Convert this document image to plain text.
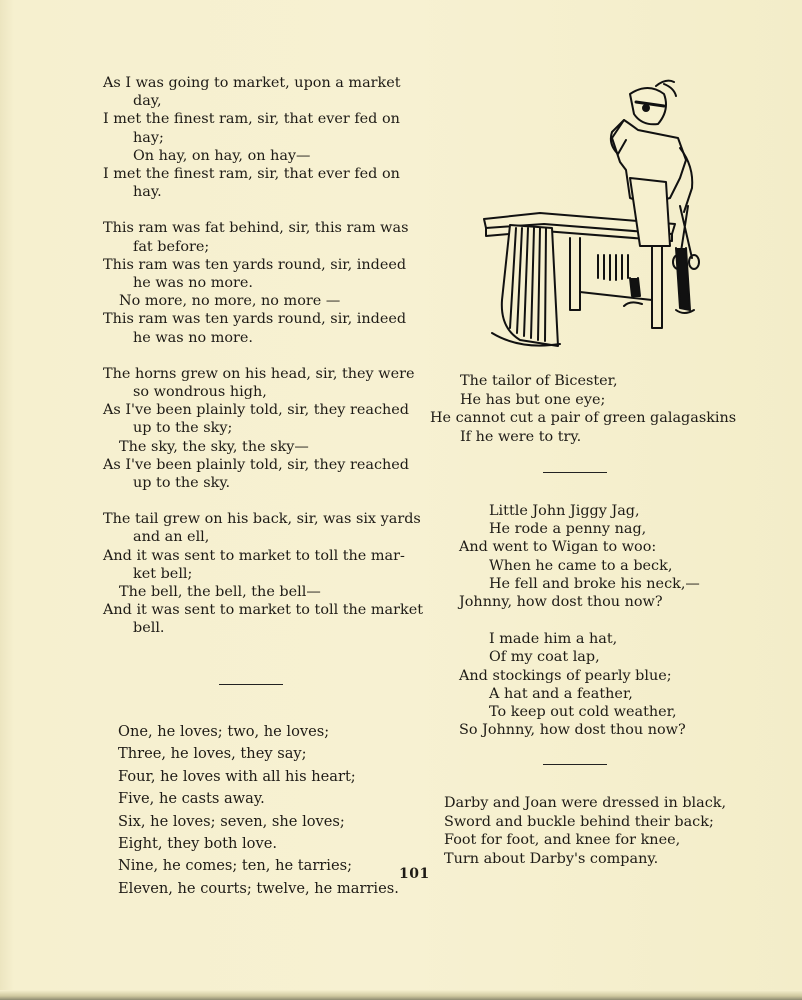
As I was going to market, upon a market
day,
I met the finest ram, sir, that ever fed on
hay;
On hay, on hay, on hay—
I met the finest ram, sir, that ever fed on
hay.
This ram was fat behind, sir, this ram was
fat before;
This ram was ten yards round, sir, indeed
he was no more.
No more, no more, no more —
This ram was ten yards round, sir, indeed
he was no more.
The horns grew on his head, sir, they were
so wondrous high,
As I've been plainly told, sir, they reached
up to the sky;
The sky, the sky, the sky—
As I've been plainly told, sir, they reached
up to the sky.
The tail grew on his back, sir, was six yards
and an ell,
And it was sent to market to toll the mar-
ket bell;
The bell, the bell, the bell—
And it was sent to market to toll the market
bell.
One, he loves; two, he loves;
Three, he loves, they say;
Four, he loves with all his heart;
Five, he casts away.
Six, he loves; seven, she loves;
Eight, they both love.
Nine, he comes; ten, he tarries;
Eleven, he courts; twelve, he marries.
The tailor of Bicester,
He has but one eye;
He cannot cut a pair of green galagaskins
If he were to try.
Little John Jiggy Jag,
He rode a penny nag,
And went to Wigan to woo:
When he came to a beck,
He fell and broke his neck,—
Johnny, how dost thou now?
I made him a hat,
Of my coat lap,
And stockings of pearly blue;
A hat and a feather,
To keep out cold weather,
So Johnny, how dost thou now?
Darby and Joan were dressed in black,
Sword and buckle behind their back;
Foot for foot, and knee for knee,
Turn about Darby's company.
101
